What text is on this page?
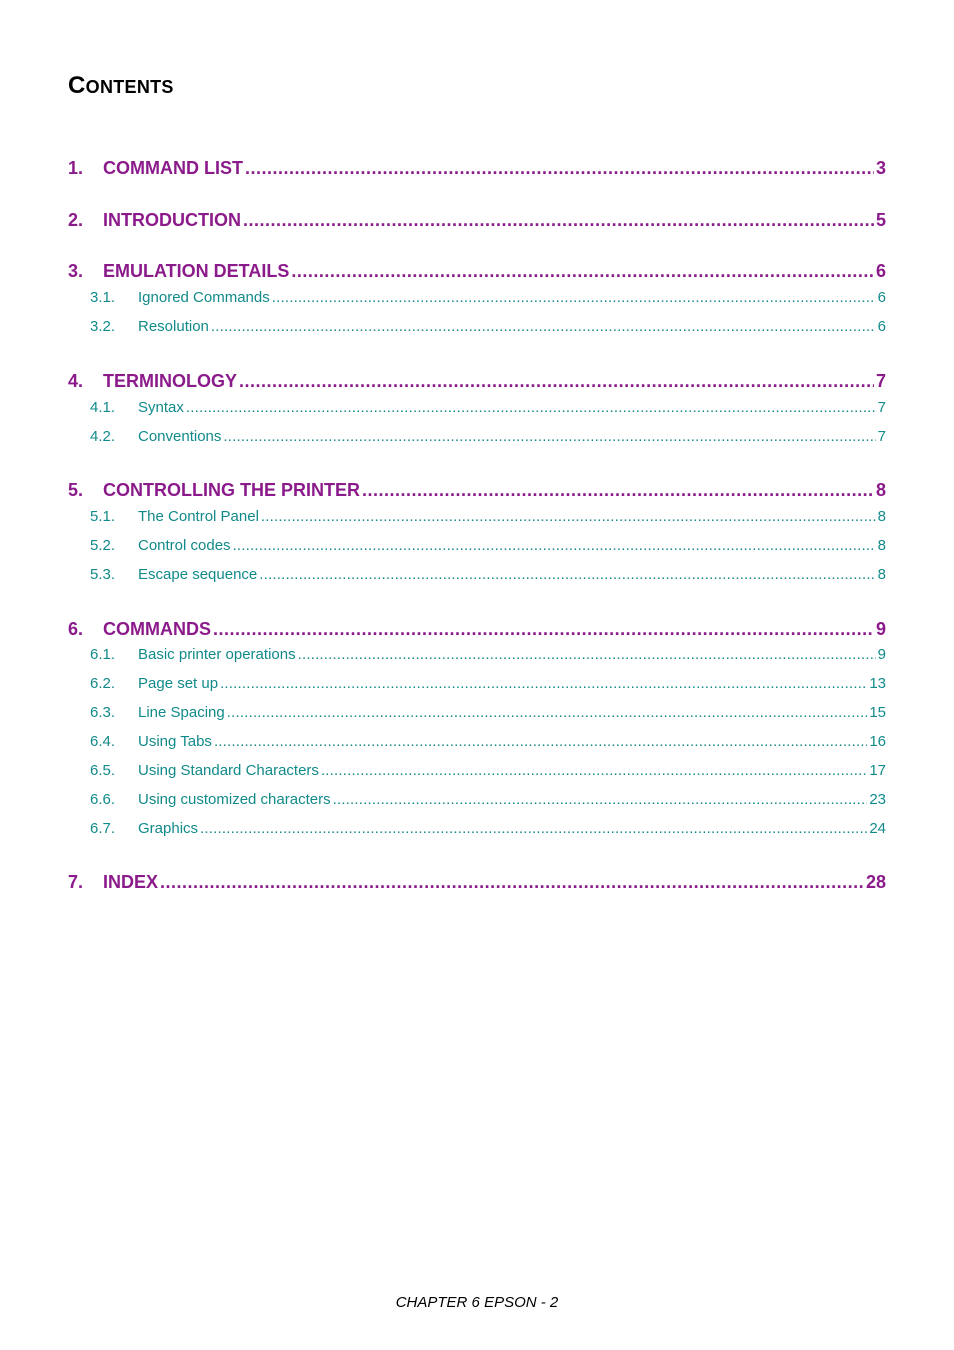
CONTENTS
1.	COMMAND LIST .....	3
2.	INTRODUCTION .....	5
3.	EMULATION DETAILS .....	6
3.1.	Ignored Commands .....	6
3.2.	Resolution .....	6
4.	TERMINOLOGY .....	7
4.1.	Syntax .....	7
4.2.	Conventions .....	7
5.	CONTROLLING THE PRINTER .....	8
5.1.	The Control Panel .....	8
5.2.	Control codes .....	8
5.3.	Escape sequence .....	8
6.	COMMANDS .....	9
6.1.	Basic printer operations .....	9
6.2.	Page set up .....	13
6.3.	Line Spacing .....	15
6.4.	Using Tabs .....	16
6.5.	Using Standard Characters .....	17
6.6.	Using customized characters .....	23
6.7.	Graphics .....	24
7.	INDEX .....	28
CHAPTER 6 EPSON - 2
